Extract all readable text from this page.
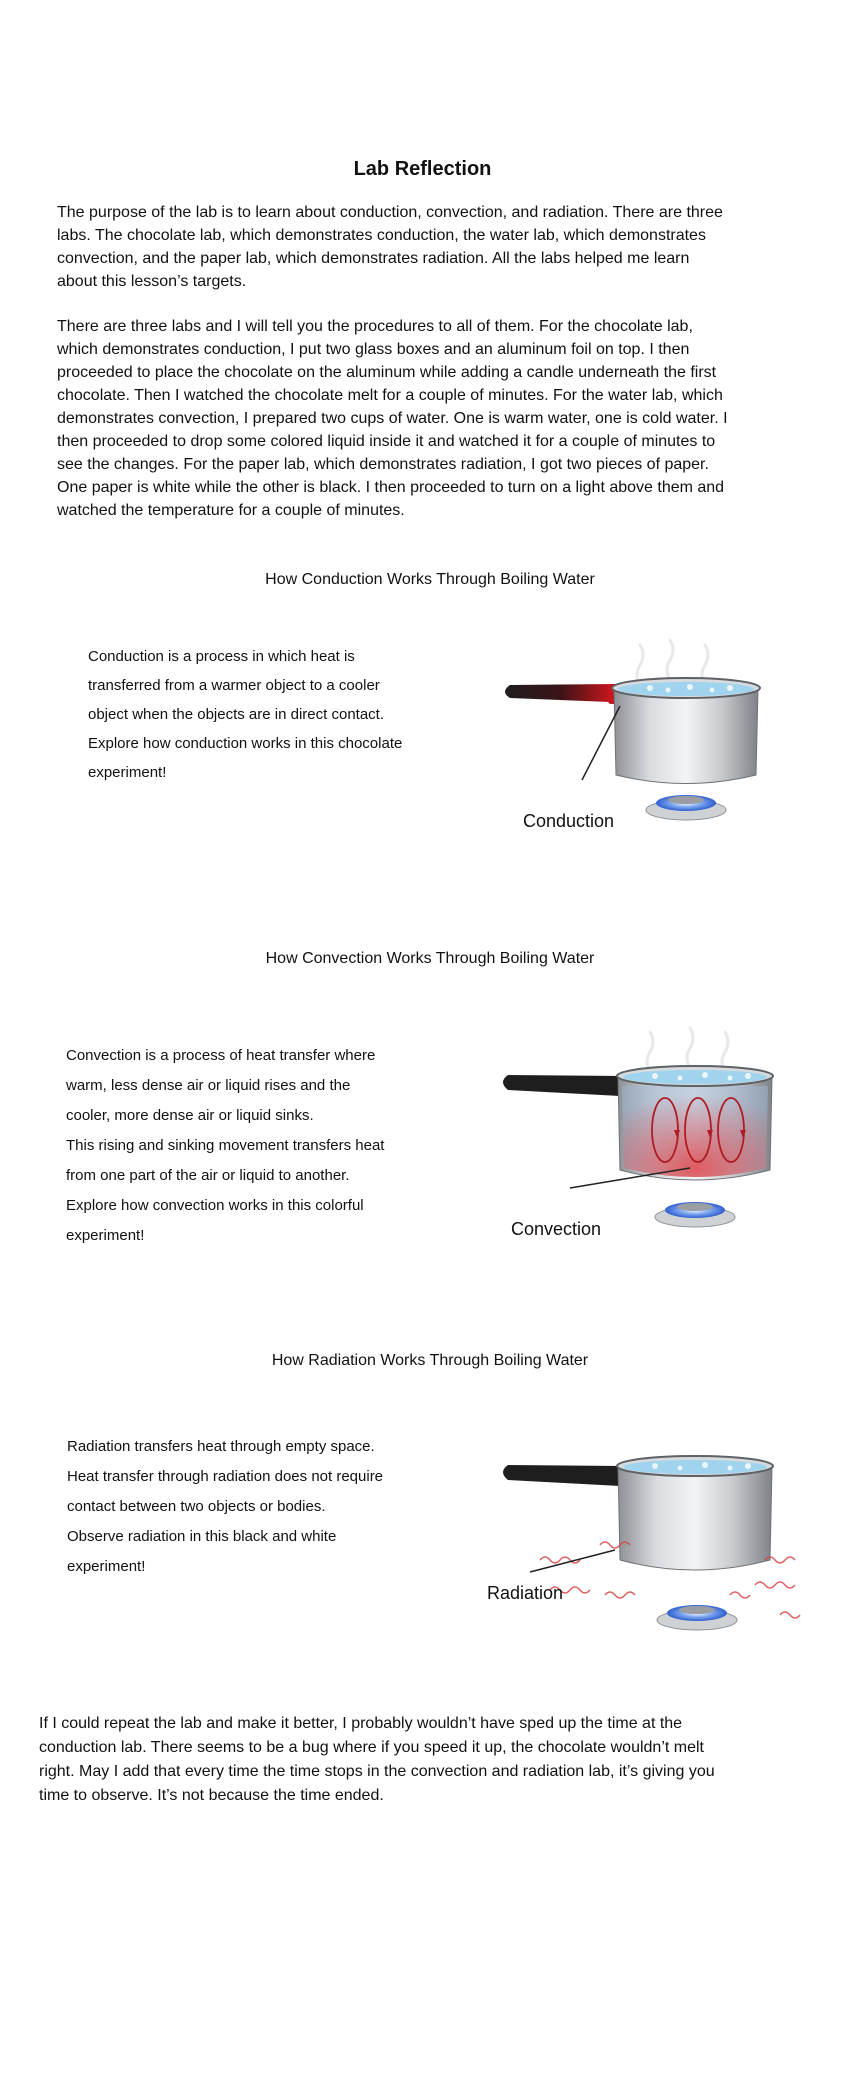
Lab Reflection

The purpose of the lab is to learn about conduction, convection, and radiation. There are three

labs. The chocolate lab, which demonstrates conduction, the water lab, which demonstrates

convection, and the paper lab, which demonstrates radiation. All the labs helped me learn

about this lesson’s targets.

There are three labs and I will tell you the procedures to all of them. For the chocolate lab,

which demonstrates conduction, I put two glass boxes and an aluminum foil on top. I then

proceeded to place the chocolate on the aluminum while adding a candle underneath the first

chocolate. Then I watched the chocolate melt for a couple of minutes. For the water lab, which

demonstrates convection, I prepared two cups of water. One is warm water, one is cold water. I

then proceeded to drop some colored liquid inside it and watched it for a couple of minutes to

see the changes. For the paper lab, which demonstrates radiation, I got two pieces of paper.

One paper is white while the other is black. I then proceeded to turn on a light above them and

watched the temperature for a couple of minutes.

How Conduction Works Through Boiling Water

Conduction is a process in which heat is

transferred from a warmer object to a cooler

object when the objects are in direct contact.

Explore how conduction works in this chocolate

experiment!

Conduction

How Convection Works Through Boiling Water

Convection is a process of heat transfer where

warm, less dense air or liquid rises and the

cooler, more dense air or liquid sinks.

This rising and sinking movement transfers heat

from one part of the air or liquid to another.

Explore how convection works in this colorful

experiment!	Convection

How Radiation Works Through Boiling Water

Radiation transfers heat through empty space.

Heat transfer through radiation does not require

contact between two objects or bodies.

Observe radiation in this black and white

experiment!

Radiation

If I could repeat the lab and make it better, I probably wouldn’t have sped up the time at the

conduction lab. There seems to be a bug where if you speed it up, the chocolate wouldn’t melt

right. May I add that every time the time stops in the convection and radiation lab, it’s giving you

time to observe. It’s not because the time ended.
